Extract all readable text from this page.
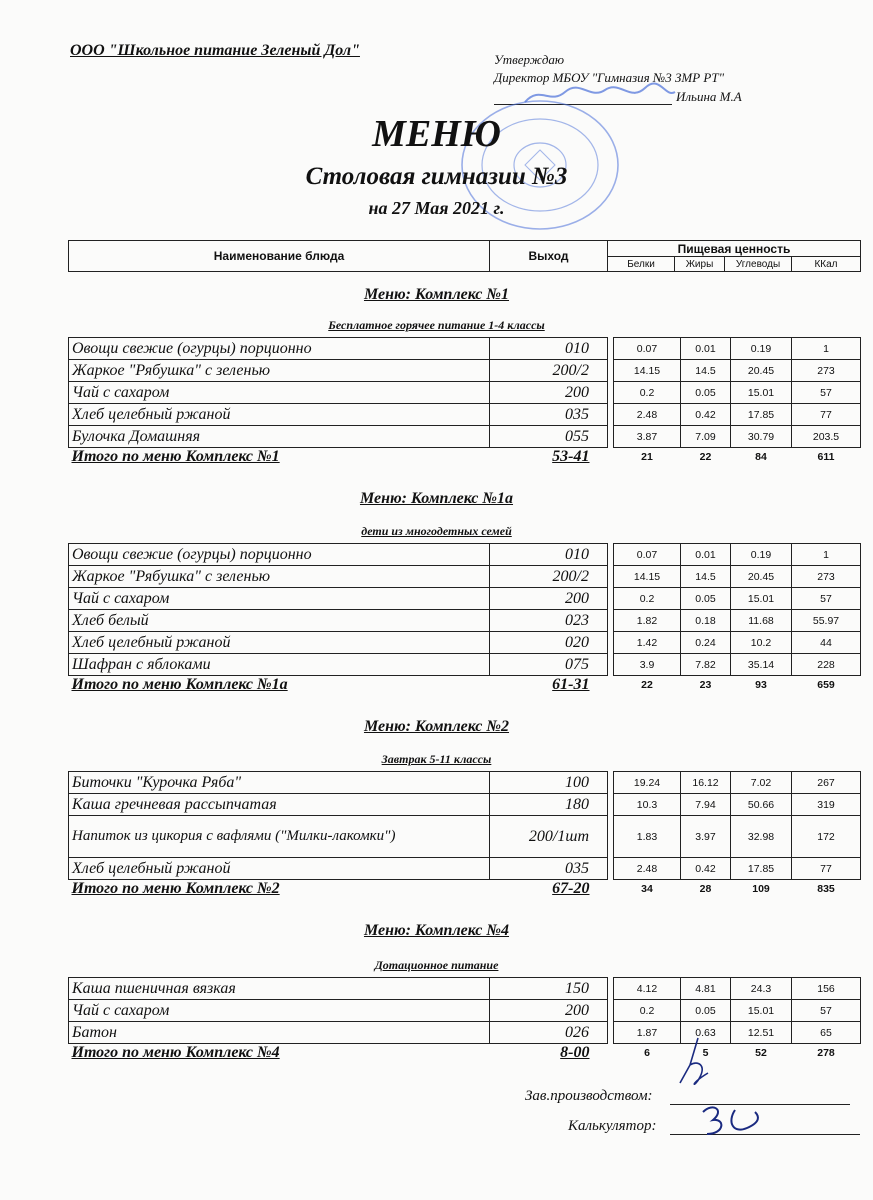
ООО "Школьное питание Зеленый Дол"
Утверждаю
Директор МБОУ "Гимназия №3 ЗМР РТ"
Ильина М.А
МЕНЮ
Столовая гимназии №3
на 27 Мая 2021 г.
Наименование блюда	Выход	Пищевая ценность			
		Белки	Жиры	Углеводы	ККал
Меню: Комплекс №1
Бесплатное горячее питание 1-4 классы
Овощи свежие (огурцы) порционно	010		0.07	0.01	0.19	1
Жаркое "Рябушка" с зеленью	200/2		14.15	14.5	20.45	273
Чай с сахаром	200		0.2	0.05	15.01	57
Хлеб целебный ржаной	035		2.48	0.42	17.85	77
Булочка Домашняя	055		3.87	7.09	30.79	203.5
Итого по меню Комплекс №1	53-41		21	22	84	611
Меню: Комплекс №1а
дети из многодетных семей
Овощи свежие (огурцы) порционно	010		0.07	0.01	0.19	1
Жаркое "Рябушка" с зеленью	200/2		14.15	14.5	20.45	273
Чай с сахаром	200		0.2	0.05	15.01	57
Хлеб белый	023		1.82	0.18	11.68	55.97
Хлеб целебный ржаной	020		1.42	0.24	10.2	44
Шафран с яблоками	075		3.9	7.82	35.14	228
Итого по меню Комплекс №1а	61-31		22	23	93	659
Меню: Комплекс №2
Завтрак 5-11 классы
Биточки "Курочка Ряба"	100		19.24	16.12	7.02	267
Каша гречневая рассыпчатая	180		10.3	7.94	50.66	319
Напиток из цикория с вафлями ("Милки-лакомки")	200/1шт		1.83	3.97	32.98	172
Хлеб целебный ржаной	035		2.48	0.42	17.85	77
Итого по меню Комплекс №2	67-20		34	28	109	835
Меню: Комплекс №4
Дотационное питание
Каша пшеничная вязкая	150		4.12	4.81	24.3	156
Чай с сахаром	200		0.2	0.05	15.01	57
Батон	026		1.87	0.63	12.51	65
Итого по меню Комплекс №4	8-00		6	5	52	278
Зав.производством:
Калькулятор:
